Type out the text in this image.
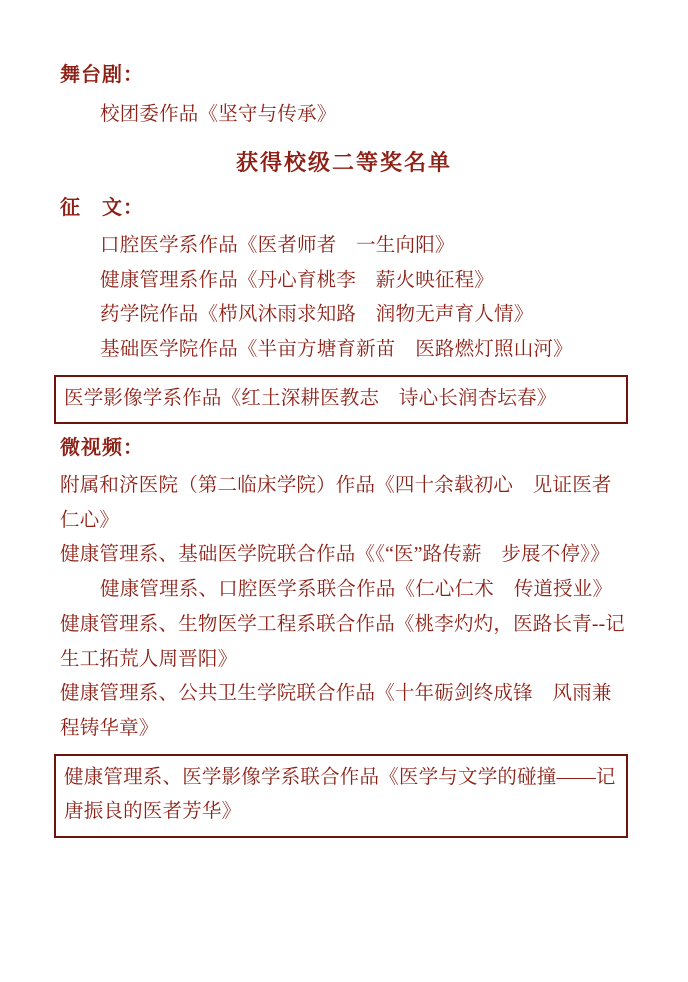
舞台剧：
校团委作品《坚守与传承》
获得校级二等奖名单
征　文：
口腔医学系作品《医者师者　一生向阳》
健康管理系作品《丹心育桃李　薪火映征程》
药学院作品《栉风沐雨求知路　润物无声育人情》
基础医学院作品《半亩方塘育新苗　医路燃灯照山河》
医学影像学系作品《红土深耕医教志　诗心长润杏坛春》
微视频：
附属和济医院（第二临床学院）作品《四十余载初心　见证医者仁心》
健康管理系、基础医学院联合作品《《“医”路传薪　步展不停》》
健康管理系、口腔医学系联合作品《仁心仁术　传道授业》
健康管理系、生物医学工程系联合作品《桃李灼灼，医路长青--记生工拓荒人周晋阳》
健康管理系、公共卫生学院联合作品《十年砺剑终成锋　风雨兼程铸华章》
健康管理系、医学影像学系联合作品《医学与文学的碰撞——记唐振良的医者芳华》
